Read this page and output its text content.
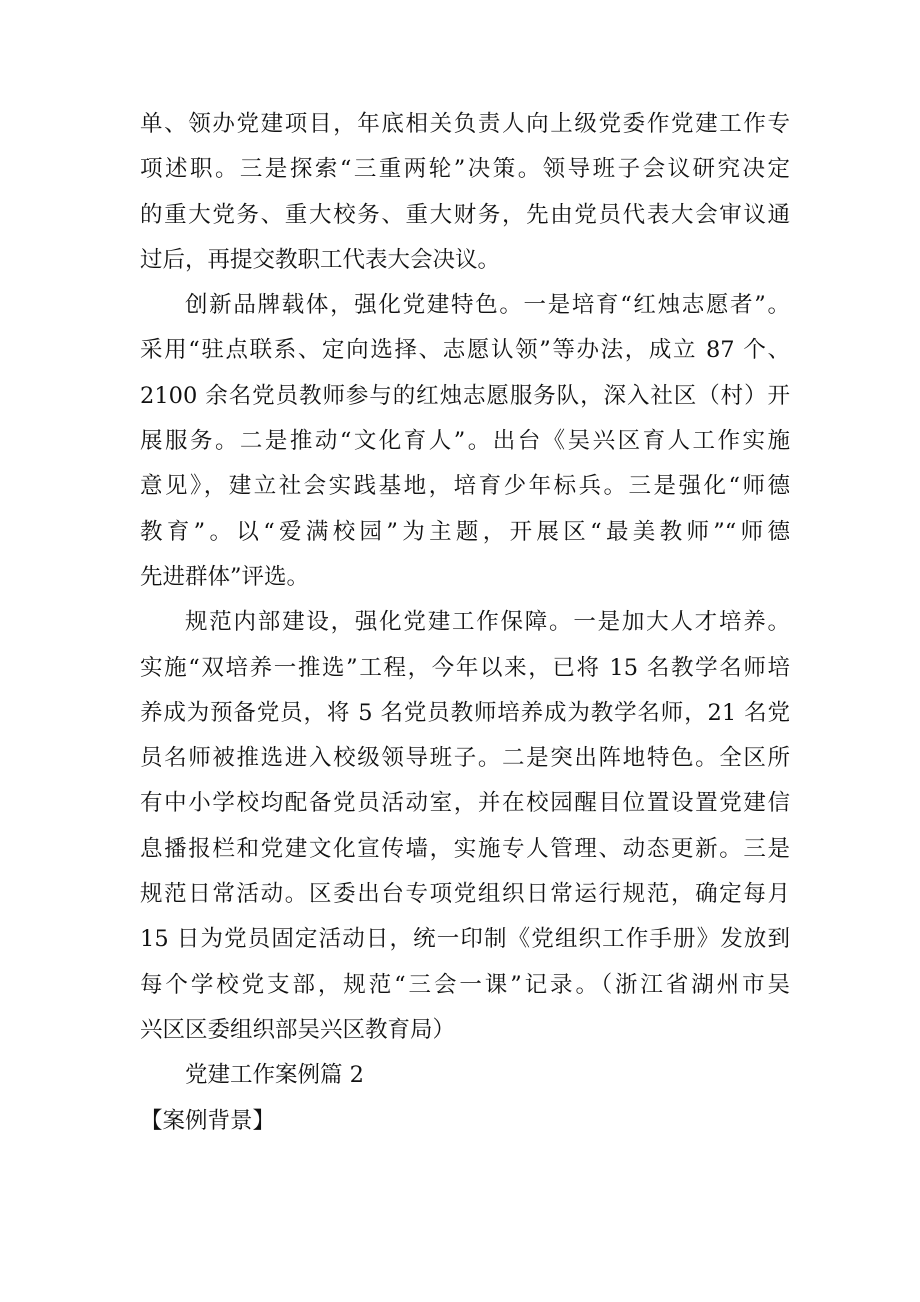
单、领办党建项目，年底相关负责人向上级党委作党建工作专
项述职。三是探索“三重两轮”决策。领导班子会议研究决定
的重大党务、重大校务、重大财务，先由党员代表大会审议通
过后，再提交教职工代表大会决议。
创新品牌载体，强化党建特色。一是培育“红烛志愿者”。
采用“驻点联系、定向选择、志愿认领”等办法，成立 87 个、
2100 余名党员教师参与的红烛志愿服务队，深入社区（村）开
展服务。二是推动“文化育人”。出台《吴兴区育人工作实施
意见》，建立社会实践基地，培育少年标兵。三是强化“师德
教育”。以“爱满校园”为主题，开展区“最美教师”“师德
先进群体”评选。
规范内部建设，强化党建工作保障。一是加大人才培养。
实施“双培养一推选”工程，今年以来，已将 15 名教学名师培
养成为预备党员，将 5 名党员教师培养成为教学名师，21 名党
员名师被推选进入校级领导班子。二是突出阵地特色。全区所
有中小学校均配备党员活动室，并在校园醒目位置设置党建信
息播报栏和党建文化宣传墙，实施专人管理、动态更新。三是
规范日常活动。区委出台专项党组织日常运行规范，确定每月
15 日为党员固定活动日，统一印制《党组织工作手册》发放到
每个学校党支部，规范“三会一课”记录。（浙江省湖州市吴
兴区区委组织部吴兴区教育局）
党建工作案例篇 2
【案例背景】
